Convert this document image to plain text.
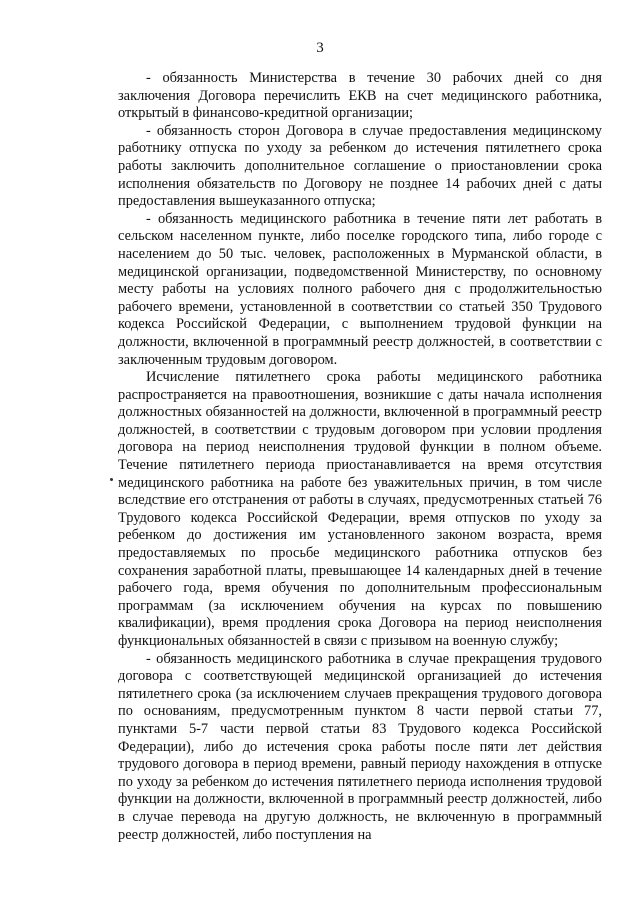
3

- обязанность Министерства в течение 30 рабочих дней со дня заключения Договора перечислить ЕКВ на счет медицинского работника, открытый в финансово-кредитной организации;

- обязанность сторон Договора в случае предоставления медицинскому работнику отпуска по уходу за ребенком до истечения пятилетнего срока работы заключить дополнительное соглашение о приостановлении срока исполнения обязательств по Договору не позднее 14 рабочих дней с даты предоставления вышеуказанного отпуска;

- обязанность медицинского работника в течение пяти лет работать в сельском населенном пункте, либо поселке городского типа, либо городе с населением до 50 тыс. человек, расположенных в Мурманской области, в медицинской организации, подведомственной Министерству, по основному месту работы на условиях полного рабочего дня с продолжительностью рабочего времени, установленной в соответствии со статьей 350 Трудового кодекса Российской Федерации, с выполнением трудовой функции на должности, включенной в программный реестр должностей, в соответствии с заключенным трудовым договором.

Исчисление пятилетнего срока работы медицинского работника распространяется на правоотношения, возникшие с даты начала исполнения должностных обязанностей на должности, включенной в программный реестр должностей, в соответствии с трудовым договором при условии продления договора на период неисполнения трудовой функции в полном объеме. Течение пятилетнего периода приостанавливается на время отсутствия медицинского работника на работе без уважительных причин, в том числе вследствие его отстранения от работы в случаях, предусмотренных статьей 76 Трудового кодекса Российской Федерации, время отпусков по уходу за ребенком до достижения им установленного законом возраста, время предоставляемых по просьбе медицинского работника отпусков без сохранения заработной платы, превышающее 14 календарных дней в течение рабочего года, время обучения по дополнительным профессиональным программам (за исключением обучения на курсах по повышению квалификации), время продления срока Договора на период неисполнения функциональных обязанностей в связи с призывом на военную службу;

- обязанность медицинского работника в случае прекращения трудового договора с соответствующей медицинской организацией до истечения пятилетнего срока (за исключением случаев прекращения трудового договора по основаниям, предусмотренным пунктом 8 части первой статьи 77, пунктами 5-7 части первой статьи 83 Трудового кодекса Российской Федерации), либо до истечения срока работы после пяти лет действия трудового договора в период времени, равный периоду нахождения в отпуске по уходу за ребенком до истечения пятилетнего периода исполнения трудовой функции на должности, включенной в программный реестр должностей, либо в случае перевода на другую должность, не включенную в программный реестр должностей, либо поступления на
